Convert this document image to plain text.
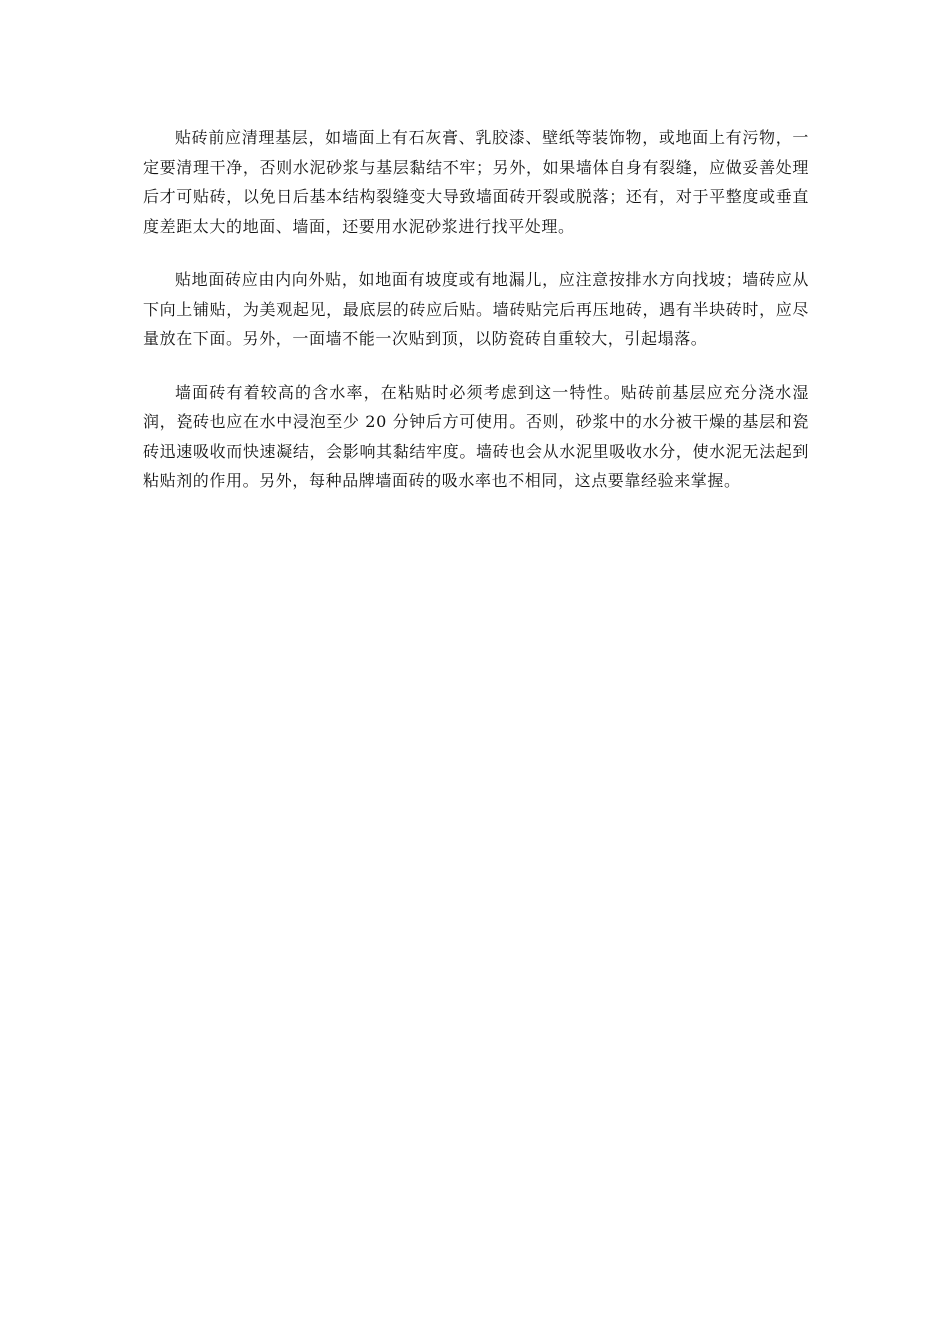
贴砖前应清理基层，如墙面上有石灰膏、乳胶漆、壁纸等装饰物，或地面上有污物，一定要清理干净，否则水泥砂浆与基层黏结不牢；另外，如果墙体自身有裂缝，应做妥善处理后才可贴砖，以免日后基本结构裂缝变大导致墙面砖开裂或脱落；还有，对于平整度或垂直度差距太大的地面、墙面，还要用水泥砂浆进行找平处理。

贴地面砖应由内向外贴，如地面有坡度或有地漏儿，应注意按排水方向找坡；墙砖应从下向上铺贴，为美观起见，最底层的砖应后贴。墙砖贴完后再压地砖，遇有半块砖时，应尽量放在下面。另外，一面墙不能一次贴到顶，以防瓷砖自重较大，引起塌落。

墙面砖有着较高的含水率，在粘贴时必须考虑到这一特性。贴砖前基层应充分浇水湿润，瓷砖也应在水中浸泡至少 20 分钟后方可使用。否则，砂浆中的水分被干燥的基层和瓷砖迅速吸收而快速凝结，会影响其黏结牢度。墙砖也会从水泥里吸收水分，使水泥无法起到粘贴剂的作用。另外，每种品牌墙面砖的吸水率也不相同，这点要靠经验来掌握。
